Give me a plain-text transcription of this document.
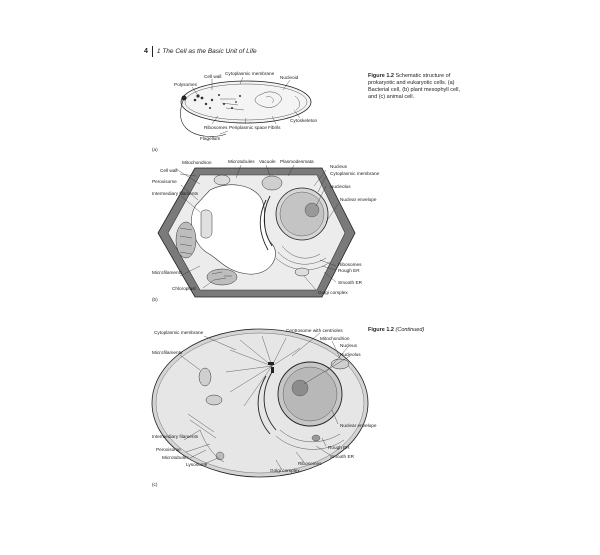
4 1 The Cell as the Basic Unit of Life
Figure 1.2 Schematic structure of prokaryotic and eukaryotic cells. (a) Bacterial cell, (b) plant mesophyll cell, and (c) animal cell.
Figure 1.2 (Continued)
Cell wall
Polysomes
Cytoplasmic membrane
Nucleoid
Cytoskeleton
Fibrils
Periplasmic space
Ribosomes
Flagellum
(a)
Mitochondrion	Microtubules Vacuole Plasmodesmata
Nucleus
Cytoplasmic membrane
Nucleolus
Nuclear envelope
Cell wall
Peroxisome
Intermediary filaments
Microfilaments
Chloroplast
Ribosomes
Rough ER
Smooth ER
Golgi complex
(b)
Cytoplasmic membrane	Centrosome with centrioles
Mitochondrion
Nucleus
Nucleolus
Microfilaments
Nuclear envelope
Intermediary filaments
Rough ER
Peroxisome
Smooth ER
Microtubules
Ribosomes
Lysosome
Golgi complex
(c)
